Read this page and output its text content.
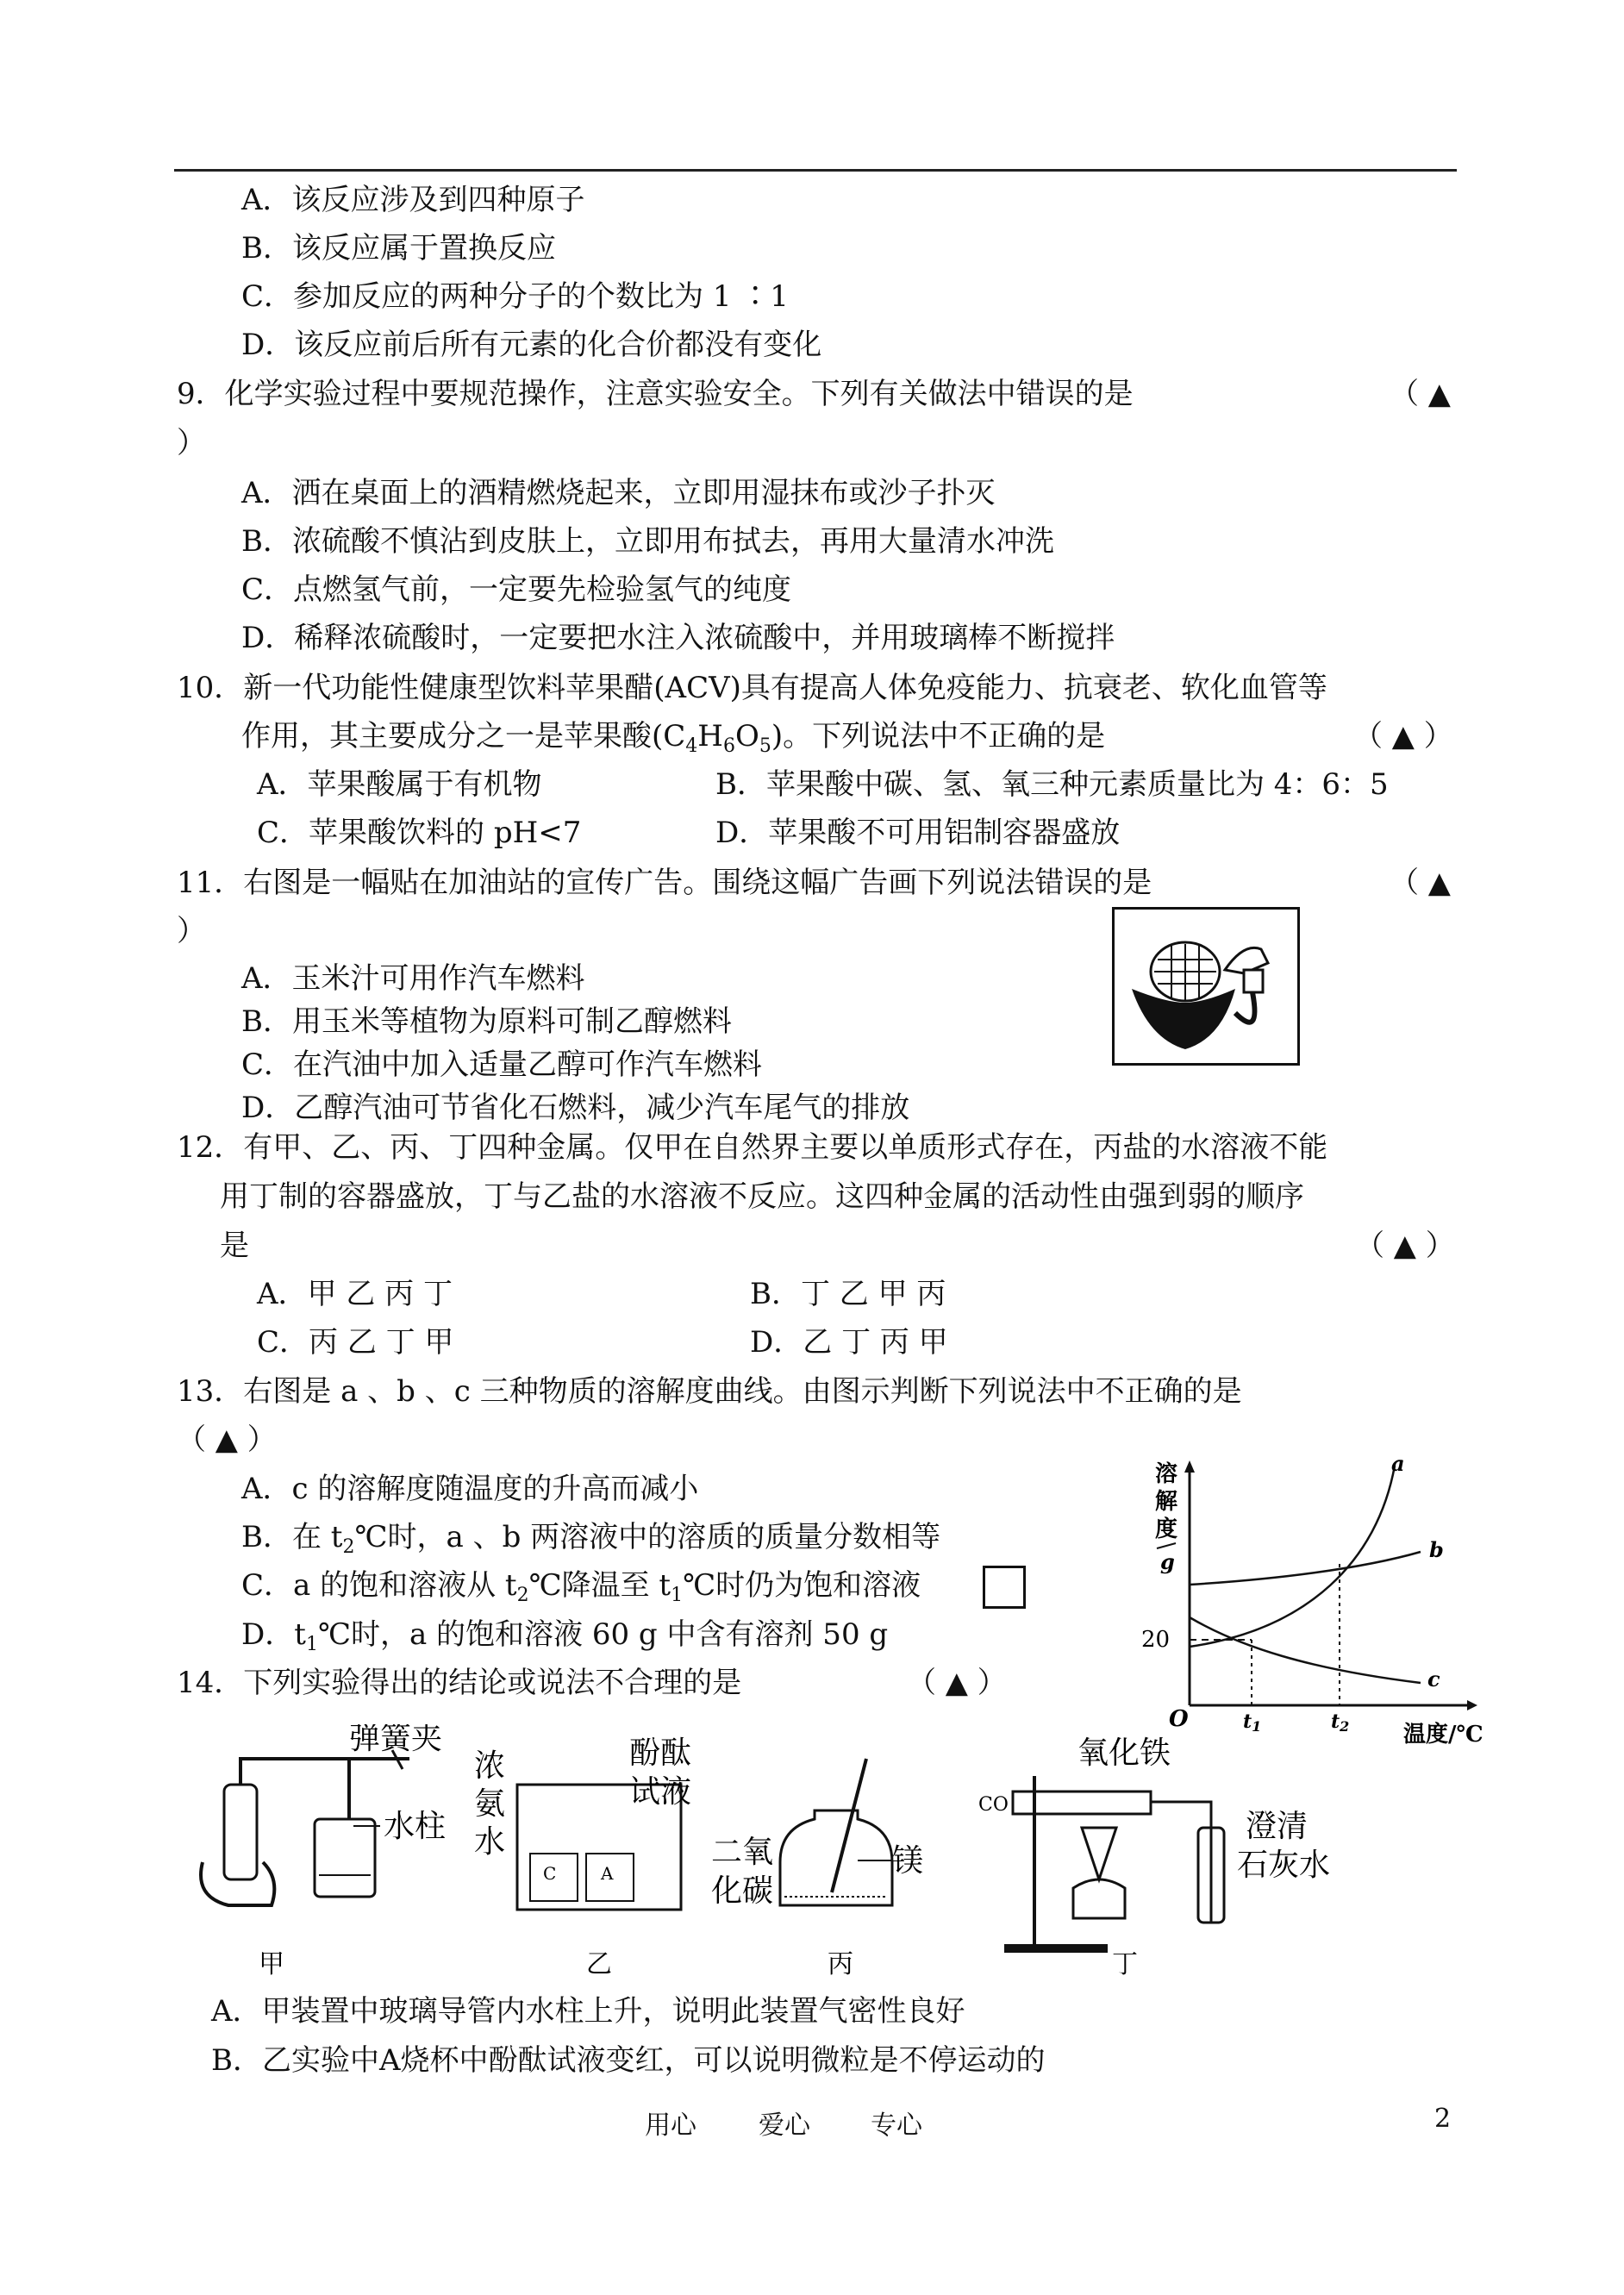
A．该反应涉及到四种原子
B．该反应属于置换反应
C．参加反应的两种分子的个数比为 1 ∶1
D．该反应前后所有元素的化合价都没有变化
9．化学实验过程中要规范操作，注意实验安全。下列有关做法中错误的是	（ ▲
）
A．洒在桌面上的酒精燃烧起来，立即用湿抹布或沙子扑灭
B．浓硫酸不慎沾到皮肤上，立即用布拭去，再用大量清水冲洗
C．点燃氢气前，一定要先检验氢气的纯度
D．稀释浓硫酸时，一定要把水注入浓硫酸中，并用玻璃棒不断搅拌
10．新一代功能性健康型饮料苹果醋(ACV)具有提高人体免疫能力、抗衰老、软化血管等
作用，其主要成分之一是苹果酸$(C_4H_6O_5)$。下列说法中不正确的是	（ ▲ ）
A．苹果酸属于有机物	B．苹果酸中碳、氢、氧三种元素质量比为 4：6：5
C．苹果酸饮料的 pH<7	D．苹果酸不可用铝制容器盛放
11．右图是一幅贴在加油站的宣传广告。围绕这幅广告画下列说法错误的是	（ ▲
）
A．玉米汁可用作汽车燃料
B．用玉米等植物为原料可制乙醇燃料
C．在汽油中加入适量乙醇可作汽车燃料
D．乙醇汽油可节省化石燃料，减少汽车尾气的排放
12．有甲、乙、丙、丁四种金属。仅甲在自然界主要以单质形式存在，丙盐的水溶液不能
用丁制的容器盛放，丁与乙盐的水溶液不反应。这四种金属的活动性由强到弱的顺序
是	（ ▲ ）
A．甲 乙 丙 丁	B．丁 乙 甲 丙
C．丙 乙 丁 甲	D．乙 丁 丙 甲
13．右图是 a 、b 、c 三种物质的溶解度曲线。由图示判断下列说法中不正确的是
（ ▲ ）
A．c 的溶解度随温度的升高而减小
B．在 $t_2℃$时，a 、b 两溶液中的溶质的质量分数相等
C．a 的饱和溶液从 $t_2℃$降温至 $t_1℃$时仍为饱和溶液
D．$t_1℃$时，a 的饱和溶液 60 g 中含有溶剂 50 g
溶
解
度
g
20
O	t1	t2 温度/℃
a
b
c
14．下列实验得出的结论或说法不合理的是	（ ▲ ）
弹簧夹
水柱
甲
浓
氨
水
C	A
酚酞
试液
乙
二氧
化碳
镁
丙
CO
氧化铁
澄清
石灰水
丁
A．甲装置中玻璃导管内水柱上升，说明此装置气密性良好
B．乙实验中A烧杯中酚酞试液变红，可以说明微粒是不停运动的
用心 爱心 专心	2
